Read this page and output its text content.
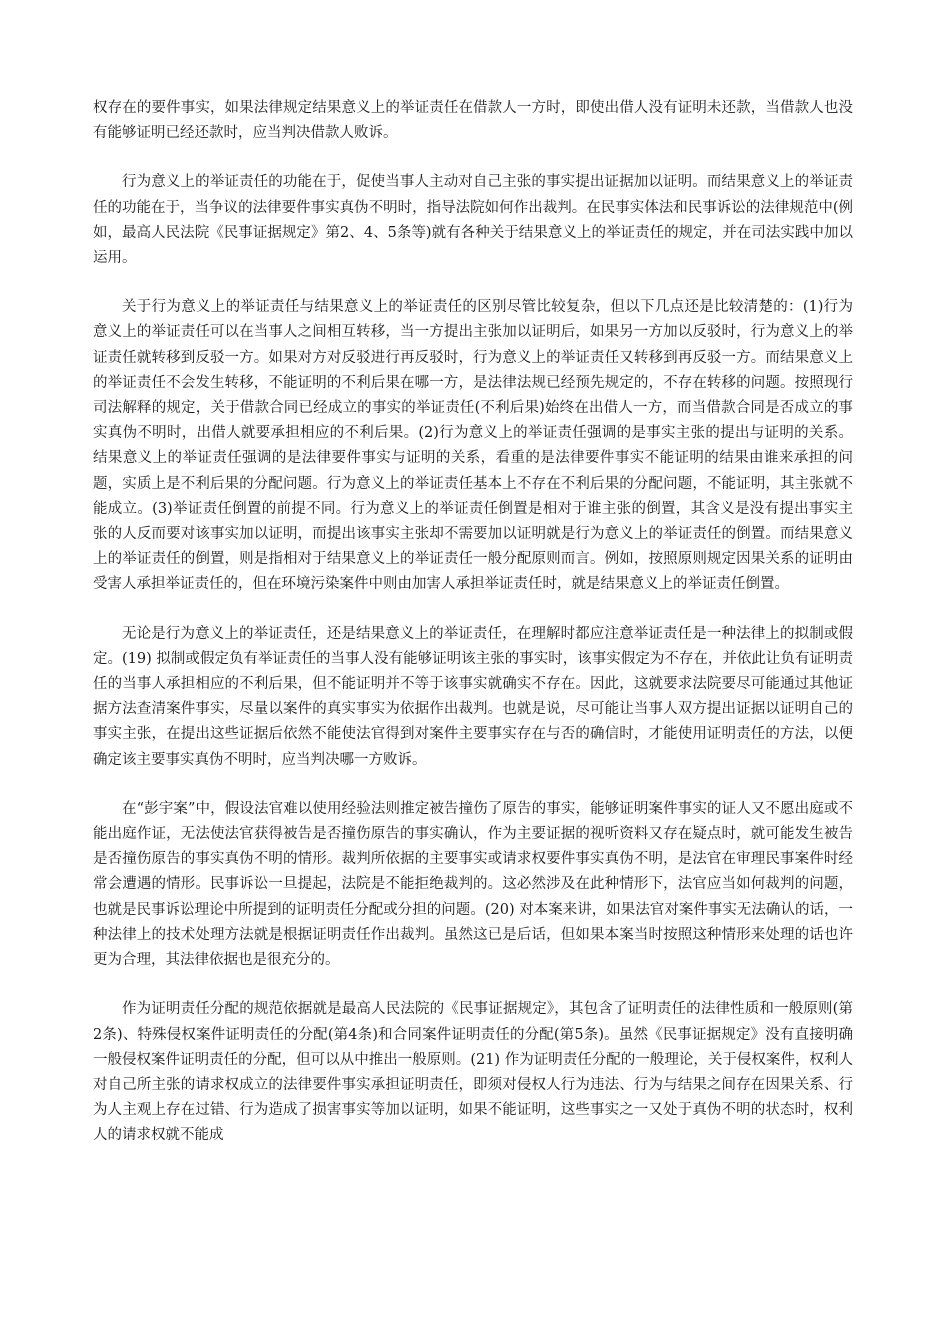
权存在的要件事实，如果法律规定结果意义上的举证责任在借款人一方时，即使出借人没有证明未还款，当借款人也没有能够证明已经还款时，应当判决借款人败诉。

行为意义上的举证责任的功能在于，促使当事人主动对自己主张的事实提出证据加以证明。而结果意义上的举证责任的功能在于，当争议的法律要件事实真伪不明时，指导法院如何作出裁判。在民事实体法和民事诉讼的法律规范中(例如，最高人民法院《民事证据规定》第2、4、5条等)就有各种关于结果意义上的举证责任的规定，并在司法实践中加以运用。

关于行为意义上的举证责任与结果意义上的举证责任的区别尽管比较复杂，但以下几点还是比较清楚的：(1)行为意义上的举证责任可以在当事人之间相互转移，当一方提出主张加以证明后，如果另一方加以反驳时，行为意义上的举证责任就转移到反驳一方。如果对方对反驳进行再反驳时，行为意义上的举证责任又转移到再反驳一方。而结果意义上的举证责任不会发生转移，不能证明的不利后果在哪一方，是法律法规已经预先规定的，不存在转移的问题。按照现行司法解释的规定，关于借款合同已经成立的事实的举证责任(不利后果)始终在出借人一方，而当借款合同是否成立的事实真伪不明时，出借人就要承担相应的不利后果。(2)行为意义上的举证责任强调的是事实主张的提出与证明的关系。结果意义上的举证责任强调的是法律要件事实与证明的关系，看重的是法律要件事实不能证明的结果由谁来承担的问题，实质上是不利后果的分配问题。行为意义上的举证责任基本上不存在不利后果的分配问题，不能证明，其主张就不能成立。(3)举证责任倒置的前提不同。行为意义上的举证责任倒置是相对于谁主张的倒置，其含义是没有提出事实主张的人反而要对该事实加以证明，而提出该事实主张却不需要加以证明就是行为意义上的举证责任的倒置。而结果意义上的举证责任的倒置，则是指相对于结果意义上的举证责任一般分配原则而言。例如，按照原则规定因果关系的证明由受害人承担举证责任的，但在环境污染案件中则由加害人承担举证责任时，就是结果意义上的举证责任倒置。

无论是行为意义上的举证责任，还是结果意义上的举证责任，在理解时都应注意举证责任是一种法律上的拟制或假定。(19) 拟制或假定负有举证责任的当事人没有能够证明该主张的事实时，该事实假定为不存在，并依此让负有证明责任的当事人承担相应的不利后果，但不能证明并不等于该事实就确实不存在。因此，这就要求法院要尽可能通过其他证据方法查清案件事实，尽量以案件的真实事实为依据作出裁判。也就是说，尽可能让当事人双方提出证据以证明自己的事实主张，在提出这些证据后依然不能使法官得到对案件主要事实存在与否的确信时，才能使用证明责任的方法，以便确定该主要事实真伪不明时，应当判决哪一方败诉。

在“彭宇案”中，假设法官难以使用经验法则推定被告撞伤了原告的事实，能够证明案件事实的证人又不愿出庭或不能出庭作证，无法使法官获得被告是否撞伤原告的事实确认，作为主要证据的视听资料又存在疑点时，就可能发生被告是否撞伤原告的事实真伪不明的情形。裁判所依据的主要事实或请求权要件事实真伪不明，是法官在审理民事案件时经常会遭遇的情形。民事诉讼一旦提起，法院是不能拒绝裁判的。这必然涉及在此种情形下，法官应当如何裁判的问题，也就是民事诉讼理论中所提到的证明责任分配或分担的问题。(20) 对本案来讲，如果法官对案件事实无法确认的话，一种法律上的技术处理方法就是根据证明责任作出裁判。虽然这已是后话，但如果本案当时按照这种情形来处理的话也许更为合理，其法律依据也是很充分的。

作为证明责任分配的规范依据就是最高人民法院的《民事证据规定》，其包含了证明责任的法律性质和一般原则(第2条)、特殊侵权案件证明责任的分配(第4条)和合同案件证明责任的分配(第5条)。虽然《民事证据规定》没有直接明确一般侵权案件证明责任的分配，但可以从中推出一般原则。(21) 作为证明责任分配的一般理论，关于侵权案件，权利人对自己所主张的请求权成立的法律要件事实承担证明责任，即须对侵权人行为违法、行为与结果之间存在因果关系、行为人主观上存在过错、行为造成了损害事实等加以证明，如果不能证明，这些事实之一又处于真伪不明的状态时，权利人的请求权就不能成
